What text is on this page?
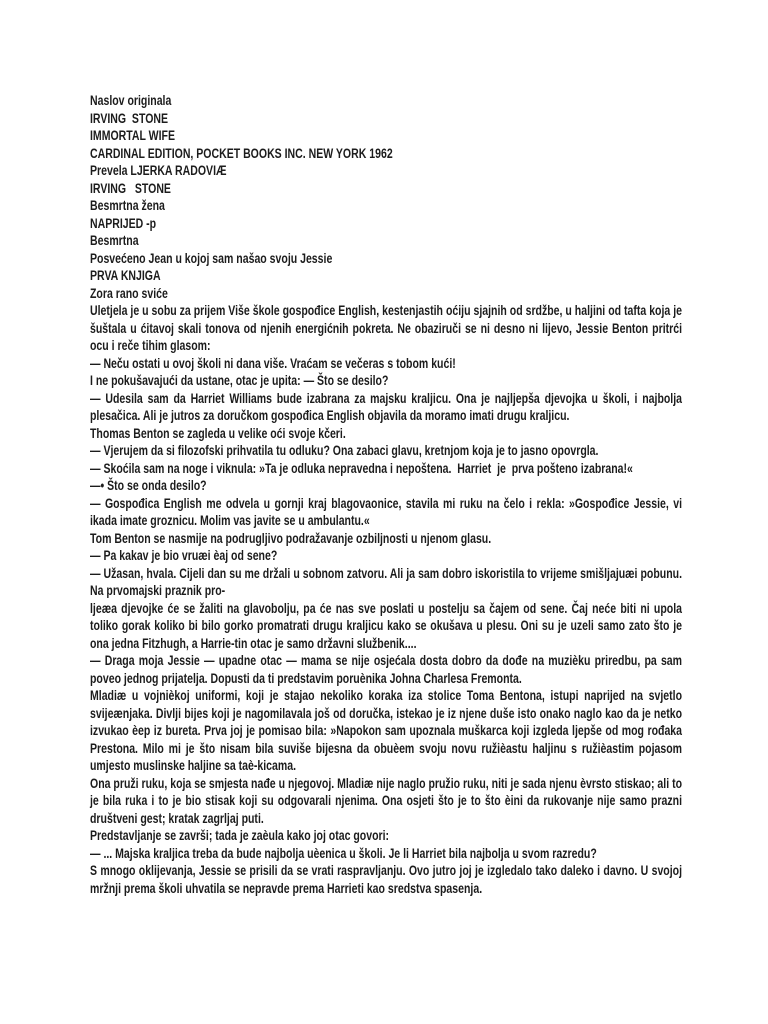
Naslov originala

IRVING  STONE

IMMORTAL WIFE

CARDINAL EDITION, POCKET BOOKS INC. NEW YORK 1962

Prevela LJERKA RADOVIÆ

IRVING   STONE

Besmrtna žena

NAPRIJED -p

Besmrtna

Posvećeno Jean u kojoj sam našao svoju Jessie

PRVA KNJIGA

Zora rano sviće

Uletjela je u sobu za prijem Više škole gospođice English, kestenjastih oćiju sjajnih od srdžbe, u haljini od tafta koja je šuštala u ćitavoj skali tonova od njenih energićnih pokreta. Ne obaziruči se ni desno ni lijevo, Jessie Benton pritrći ocu i reče tihim glasom:

— Neču ostati u ovoj školi ni dana više. Vraćam se večeras s tobom kući!

I ne pokušavajući da ustane, otac je upita: — Što se desilo?

— Udesila sam da Harriet Williams bude izabrana za majsku kraljicu. Ona je najljepša djevojka u školi, i najbolja plesačica. Ali je jutros za doručkom gospođica English objavila da moramo imati drugu kraljicu.

Thomas Benton se zagleda u velike oći svoje kčeri.

— Vjerujem da si filozofski prihvatila tu odluku? Ona zabaci glavu, kretnjom koja je to jasno opovrgla.

— Skoćila sam na noge i viknula: »Ta je odluka nepravedna i nepoštena.  Harriet  je  prva pošteno izabrana!«

—• Što se onda desilo?

— Gospođica English me odvela u gornji kraj blagovaonice, stavila mi ruku na čelo i rekla: »Gospođice Jessie, vi ikada imate groznicu. Molim vas javite se u ambulantu.«

Tom Benton se nasmije na podrugljivo podražavanje ozbiljnosti u njenom glasu.

— Pa kakav je bio vruæi èaj od sene?

— Užasan, hvala. Cijeli dan su me držali u sobnom zatvoru. Ali ja sam dobro iskoristila to vrijeme smišljajuæi pobunu. Na prvomajski praznik pro-

ljeæa djevojke će se žaliti na glavobolju, pa će nas sve poslati u postelju sa čajem od sene. Čaj neće biti ni upola toliko gorak koliko bi bilo gorko promatrati drugu kraljicu kako se okušava u plesu. Oni su je uzeli samo zato što je ona jedna Fitzhugh, a Harrie-tin otac je samo državni službenik....

— Draga moja Jessie — upadne otac — mama se nije osjećala dosta dobro da dođe na muzièku priredbu, pa sam poveo jednog prijatelja. Dopusti da ti predstavim poruènika Johna Charlesa Fremonta.

Mladiæ u vojnièkoj uniformi, koji je stajao nekoliko koraka iza stolice Toma Bentona, istupi naprijed na svjetlo svijeænjaka. Divlji bijes koji je nagomilavala još od doručka, istekao je iz njene duše isto onako naglo kao da je netko izvukao èep iz bureta. Prva joj je pomisao bila: »Napokon sam upoznala muškarca koji izgleda ljepše od mog rođaka Prestona. Milo mi je što nisam bila suviše bijesna da obuèem svoju novu ružièastu haljinu s ružièastim pojasom umjesto muslinske haljine sa taè-kicama.

Ona pruži ruku, koja se smjesta nađe u njegovoj. Mladiæ nije naglo pružio ruku, niti je sada njenu èvrsto stiskao; ali to je bila ruka i to je bio stisak koji su odgovarali njenima. Ona osjeti što je to što èini da rukovanje nije samo prazni društveni gest; kratak zagrljaj puti.

Predstavljanje se završi; tada je zaèula kako joj otac govori:

— ... Majska kraljica treba da bude najbolja uèenica u školi. Je li Harriet bila najbolja u svom razredu?

S mnogo oklijevanja, Jessie se prisili da se vrati raspravljanju. Ovo jutro joj je izgledalo tako daleko i davno. U svojoj mržnji prema školi uhvatila se nepravde prema Harrieti kao sredstva spasenja.
